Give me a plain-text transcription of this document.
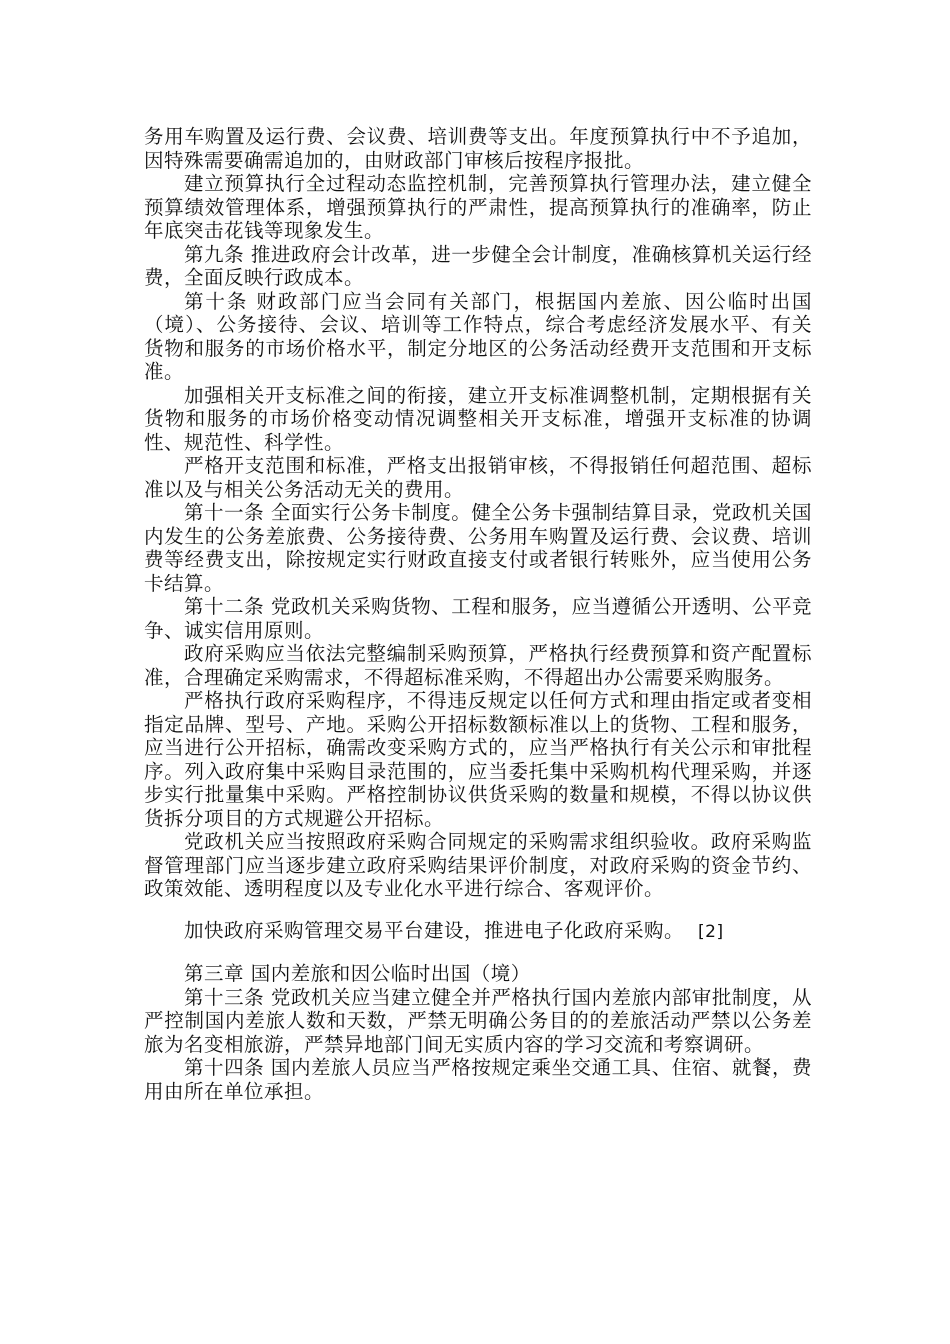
务用车购置及运行费、会议费、培训费等支出。年度预算执行中不予追加，因特殊需要确需追加的，由财政部门审核后按程序报批。

建立预算执行全过程动态监控机制，完善预算执行管理办法，建立健全预算绩效管理体系，增强预算执行的严肃性，提高预算执行的准确率，防止年底突击花钱等现象发生。

第九条 推进政府会计改革，进一步健全会计制度，准确核算机关运行经费，全面反映行政成本。

第十条 财政部门应当会同有关部门，根据国内差旅、因公临时出国（境）、公务接待、会议、培训等工作特点，综合考虑经济发展水平、有关货物和服务的市场价格水平，制定分地区的公务活动经费开支范围和开支标准。

加强相关开支标准之间的衔接，建立开支标准调整机制，定期根据有关货物和服务的市场价格变动情况调整相关开支标准，增强开支标准的协调性、规范性、科学性。

严格开支范围和标准，严格支出报销审核，不得报销任何超范围、超标准以及与相关公务活动无关的费用。

第十一条 全面实行公务卡制度。健全公务卡强制结算目录，党政机关国内发生的公务差旅费、公务接待费、公务用车购置及运行费、会议费、培训费等经费支出，除按规定实行财政直接支付或者银行转账外，应当使用公务卡结算。

第十二条 党政机关采购货物、工程和服务，应当遵循公开透明、公平竞争、诚实信用原则。

政府采购应当依法完整编制采购预算，严格执行经费预算和资产配置标准，合理确定采购需求，不得超标准采购，不得超出办公需要采购服务。

严格执行政府采购程序，不得违反规定以任何方式和理由指定或者变相指定品牌、型号、产地。采购公开招标数额标准以上的货物、工程和服务，应当进行公开招标，确需改变采购方式的，应当严格执行有关公示和审批程序。列入政府集中采购目录范围的，应当委托集中采购机构代理采购，并逐步实行批量集中采购。严格控制协议供货采购的数量和规模，不得以协议供货拆分项目的方式规避公开招标。

党政机关应当按照政府采购合同规定的采购需求组织验收。政府采购监督管理部门应当逐步建立政府采购结果评价制度，对政府采购的资金节约、政策效能、透明程度以及专业化水平进行综合、客观评价。

加快政府采购管理交易平台建设，推进电子化政府采购。 [2]

第三章 国内差旅和因公临时出国（境）

第十三条 党政机关应当建立健全并严格执行国内差旅内部审批制度，从严控制国内差旅人数和天数，严禁无明确公务目的的差旅活动严禁以公务差旅为名变相旅游，严禁异地部门间无实质内容的学习交流和考察调研。

第十四条 国内差旅人员应当严格按规定乘坐交通工具、住宿、就餐，费用由所在单位承担。
